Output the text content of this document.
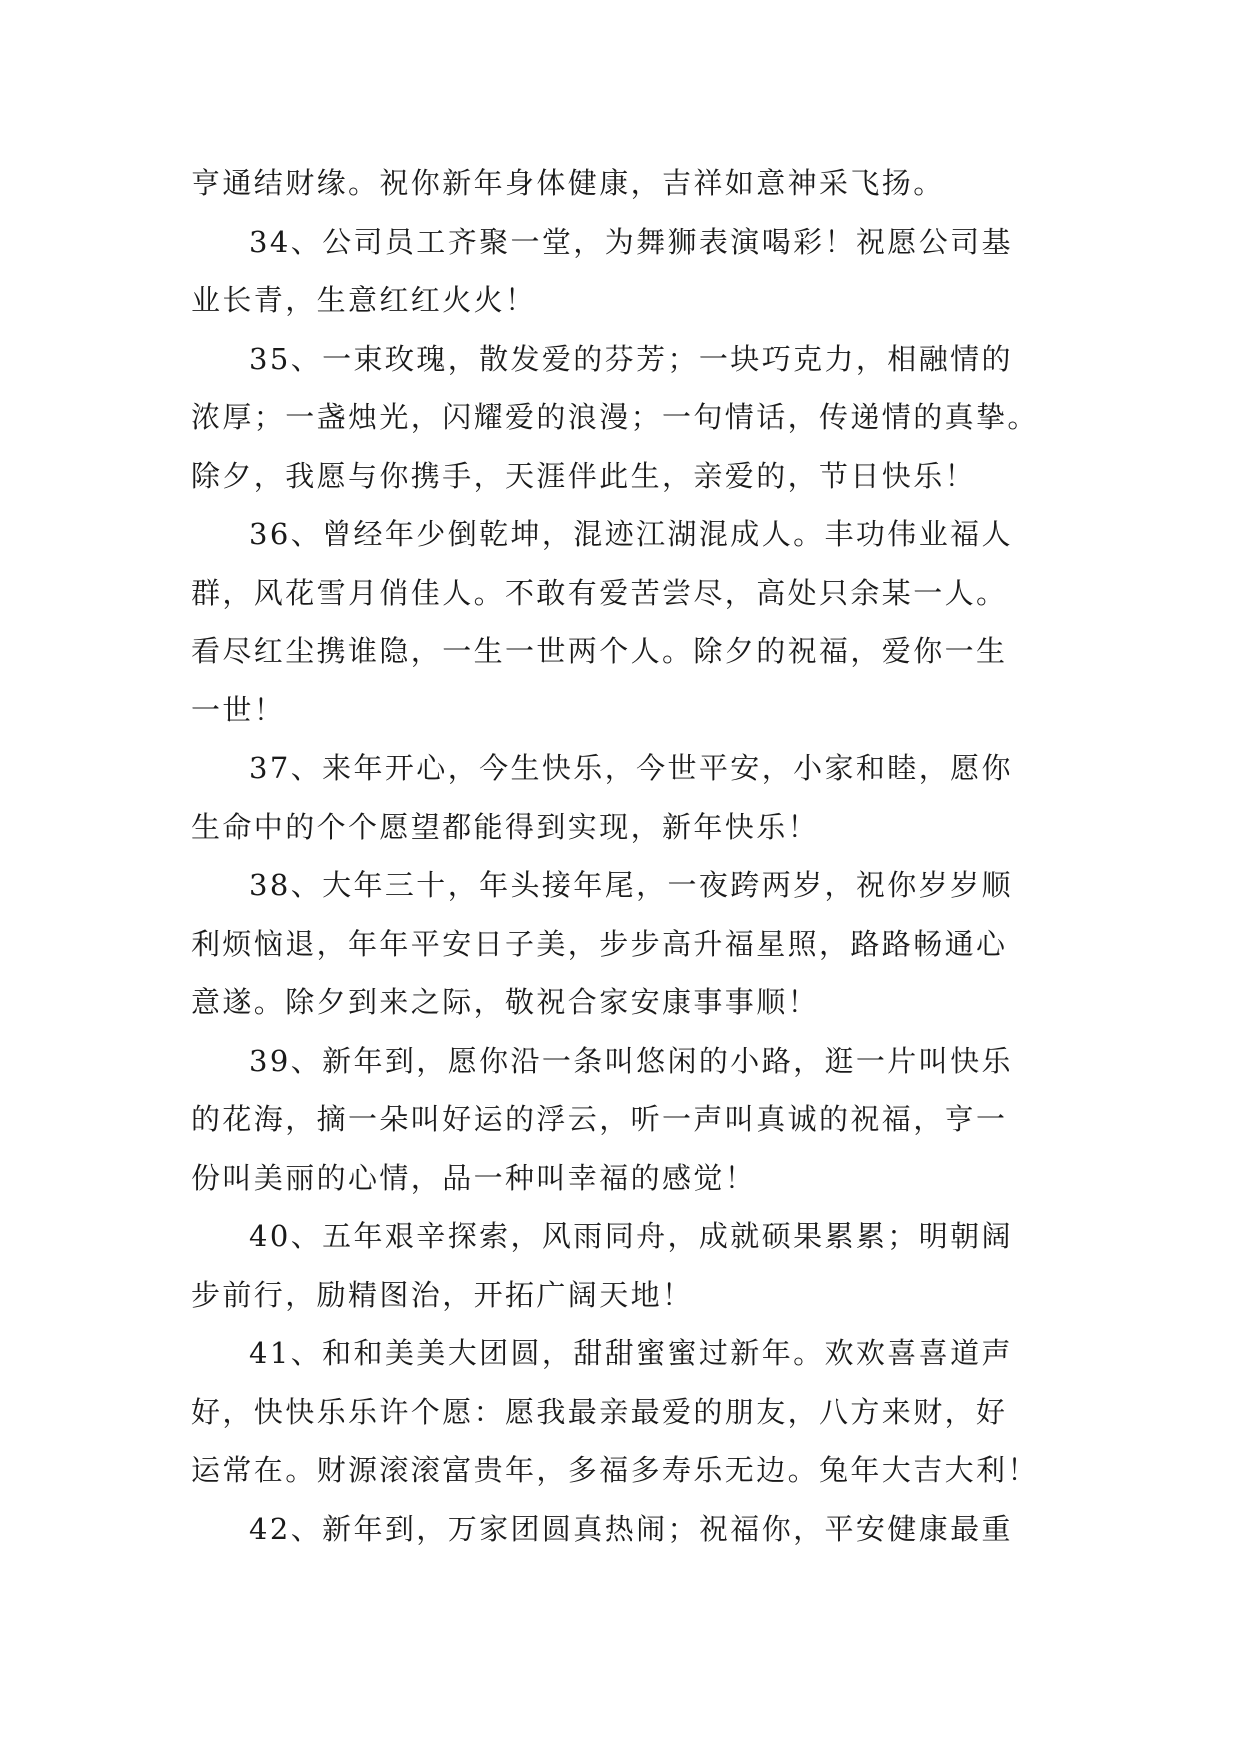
亨通结财缘。祝你新年身体健康，吉祥如意神采飞扬。
34、公司员工齐聚一堂，为舞狮表演喝彩！祝愿公司基
业长青，生意红红火火！
35、一束玫瑰，散发爱的芬芳；一块巧克力，相融情的
浓厚；一盏烛光，闪耀爱的浪漫；一句情话，传递情的真挚。
除夕，我愿与你携手，天涯伴此生，亲爱的，节日快乐！
36、曾经年少倒乾坤，混迹江湖混成人。丰功伟业福人
群，风花雪月俏佳人。不敢有爱苦尝尽，高处只余某一人。
看尽红尘携谁隐，一生一世两个人。除夕的祝福，爱你一生
一世！
37、来年开心，今生快乐，今世平安，小家和睦，愿你
生命中的个个愿望都能得到实现，新年快乐！
38、大年三十，年头接年尾，一夜跨两岁，祝你岁岁顺
利烦恼退，年年平安日子美，步步高升福星照，路路畅通心
意遂。除夕到来之际，敬祝合家安康事事顺！
39、新年到，愿你沿一条叫悠闲的小路，逛一片叫快乐
的花海，摘一朵叫好运的浮云，听一声叫真诚的祝福，亨一
份叫美丽的心情，品一种叫幸福的感觉！
40、五年艰辛探索，风雨同舟，成就硕果累累；明朝阔
步前行，励精图治，开拓广阔天地！
41、和和美美大团圆，甜甜蜜蜜过新年。欢欢喜喜道声
好，快快乐乐许个愿：愿我最亲最爱的朋友，八方来财，好
运常在。财源滚滚富贵年，多福多寿乐无边。兔年大吉大利！
42、新年到，万家团圆真热闹；祝福你，平安健康最重
